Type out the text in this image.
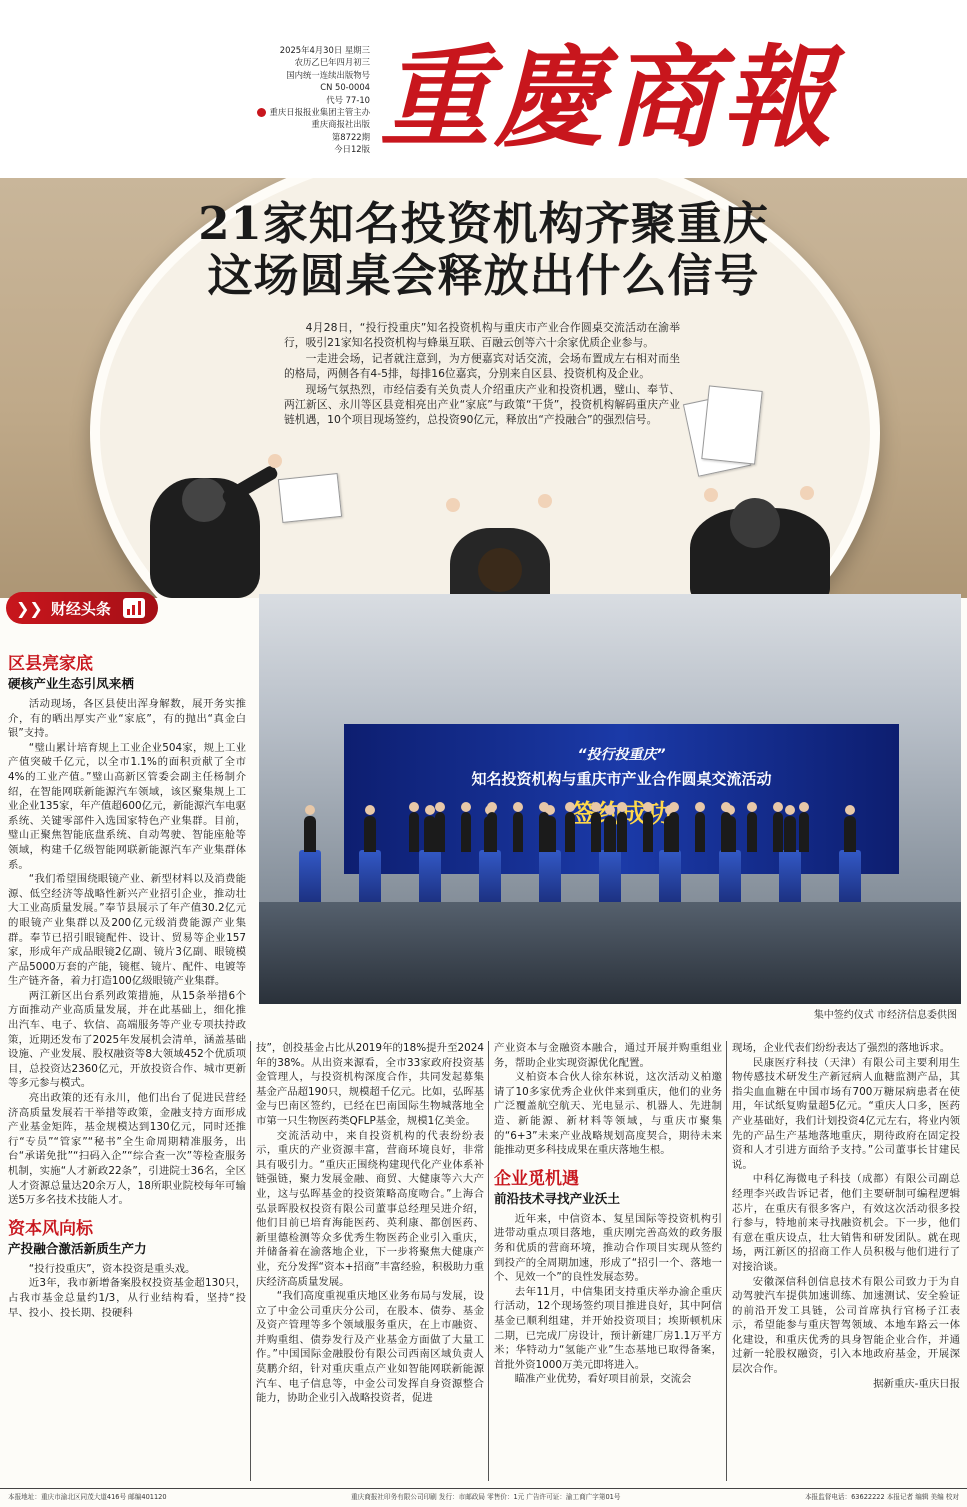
2025年4月30日 星期三
农历乙巳年四月初三
国内统一连续出版物号
CN 50-0004
代号 77-10
重庆日报报业集团主管主办
重庆商报社出版
第8722期
今日12版 重慶商報
21家知名投资机构齐聚重庆
这场圆桌会释放出什么信号

4月28日，“投行投重庆”知名投资机构与重庆市产业合作圆桌交流活动在渝举行，吸引21家知名投资机构与蜂巢互联、百融云创等六十余家优质企业参与。

一走进会场，记者就注意到，为方便嘉宾对话交流，会场布置成左右相对而坐的格局，两侧各有4-5排，每排16位嘉宾，分别来自区县、投资机构及企业。

现场气氛热烈，市经信委有关负责人介绍重庆产业和投资机遇，璧山、奉节、两江新区、永川等区县竞相亮出产业“家底”与政策“干货”，投资机构解码重庆产业链机遇，10个项目现场签约，总投资90亿元，释放出“产投融合”的强烈信号。

❯❯ 财经头条
“投行投重庆”
知名投资机构与重庆市产业合作圆桌交流活动
集中签约仪式 市经济信息委供图
区县亮家底
硬核产业生态引凤来栖

活动现场，各区县使出浑身解数，展开务实推介，有的晒出厚实产业“家底”，有的抛出“真金白银”支持。

“璧山累计培育规上工业企业504家，规上工业产值突破千亿元，以全市1.1%的面积贡献了全市4%的工业产值。”璧山高新区管委会副主任杨制介绍，在智能网联新能源汽车领域，该区聚集规上工业企业135家，年产值超600亿元，新能源汽车电驱系统、关键零部件入选国家特色产业集群。目前，璧山正聚焦智能底盘系统、自动驾驶、智能座舱等领域，构建千亿级智能网联新能源汽车产业集群体系。

“我们希望围绕眼镜产业、新型材料以及消费能源、低空经济等战略性新兴产业招引企业，推动壮大工业高质量发展。”奉节县展示了年产值30.2亿元的眼镜产业集群以及200亿元级消费能源产业集群。奉节已招引眼镜配件、设计、贸易等企业157家，形成年产成品眼镜2亿副、镜片3亿副、眼镜模产品5000万套的产能，镜框、镜片、配件、电镀等生产链齐备，着力打造100亿级眼镜产业集群。

两江新区出台系列政策措施，从15条举措6个方面推动产业高质量发展，并在此基础上，细化推出汽车、电子、软信、高端服务等产业专项扶持政策，近期还发布了2025年发展机会清单，涵盖基础设施、产业发展、股权融资等8大领域452个优质项目，总投资达2360亿元，开放投资合作、城市更新等多元参与模式。

亮出政策的还有永川，他们出台了促进民营经济高质量发展若干举措等政策，金融支持方面形成产业基金矩阵，基金规模达到130亿元，同时还推行“专员”“管家”“秘书”全生命周期精准服务，出台“承诺免批”“扫码入企”“综合查一次”等检查服务机制，实施“人才新政22条”，引进院士36名，全区人才资源总量达20余万人，18所职业院校每年可输送5万多名技术技能人才。

资本风向标
产投融合激活新质生产力

“投行投重庆”，资本投资是重头戏。

近3年，我市新增备案股权投资基金超130只，占我市基金总量约1/3，从行业结构看，坚持“投早、投小、投长期、投硬科

技”，创投基金占比从2019年的18%提升至2024年的38%。从出资来源看，全市33家政府投资基金管理人，与投资机构深度合作，共同发起募集基金产品超190只，规模超千亿元。比如，弘晖基金与巴南区签约，已经在巴南国际生物城落地全市第一只生物医药类QFLP基金，规模1亿美金。

交流活动中，来自投资机构的代表纷纷表示，重庆的产业资源丰富，营商环境良好，非常具有吸引力。“重庆正围绕构建现代化产业体系补链强链，聚力发展金融、商贸、大健康等六大产业，这与弘晖基金的投资策略高度吻合。”上海合弘景晖股权投资有限公司董事总经理吴进介绍，他们目前已培育海能医药、英利康、都创医药、新里德检测等众多优秀生物医药企业引入重庆，并储备着在渝落地企业，下一步将聚焦大健康产业，充分发挥“资本+招商”丰富经验，积极助力重庆经济高质量发展。

“我们高度重视重庆地区业务布局与发展，设立了中金公司重庆分公司，在股本、债券、基金及资产管理等多个领域服务重庆，在上市融资、并购重组、债券发行及产业基金方面做了大量工作。”中国国际金融股份有限公司西南区域负责人莫鹏介绍，针对重庆重点产业如智能网联新能源汽车、电子信息等，中金公司发挥自身资源整合能力，协助企业引入战略投资者，促进

产业资本与金融资本融合，通过开展并购重组业务，帮助企业实现资源优化配置。

义柏资本合伙人徐东林说，这次活动义柏邀请了10多家优秀企业伙伴来到重庆，他们的业务广泛覆盖航空航天、光电显示、机器人、先进制造、新能源、新材料等领域，与重庆市聚集的“6+3”未来产业战略规划高度契合，期待未来能推动更多科技成果在重庆落地生根。

企业觅机遇
前沿技术寻找产业沃土

近年来，中信资本、复星国际等投资机构引进带动重点项目落地，重庆刚完善高效的政务服务和优质的营商环境，推动合作项目实现从签约到投产的全周期加速，形成了“招引一个、落地一个、见效一个”的良性发展态势。

去年11月，中信集团支持重庆举办渝企重庆行活动，12个现场签约项目推进良好，其中阿信基金已顺利组建，并开始投资项目；埃斯顿机床二期，已完成厂房设计，预计新建厂房1.1万平方米；华特动力“氢能产业”生态基地已取得备案，首批外资1000万美元即将进入。

瞄准产业优势，看好项目前景，交流会

现场，企业代表们纷纷表达了强烈的落地诉求。

民康医疗科技（天津）有限公司主要利用生物传感技术研发生产新冠病人血糖监测产品，其指尖血血糖在中国市场有700万糖尿病患者在使用，年试纸复购量超5亿元。“重庆人口多，医药产业基础好，我们计划投资4亿元左右，将业内领先的产品生产基地落地重庆，期待政府在固定投资和人才引进方面给予支持。”公司董事长甘建民说。

中科亿海微电子科技（成都）有限公司副总经理李兴政告诉记者，他们主要研制可编程逻辑芯片，在重庆有很多客户，有效这次活动很多投行参与，特地前来寻找融资机会。下一步，他们有意在重庆设点，壮大销售和研发团队。就在现场，两江新区的招商工作人员积极与他们进行了对接洽谈。

安徽深信科创信息技术有限公司致力于为自动驾驶汽车提供加速训练、加速测试、安全验证的前沿开发工具链，公司首席执行官杨子江表示，希望能参与重庆智驾领域、本地车路云一体化建设，和重庆优秀的具身智能企业合作，并通过新一轮股权融资，引入本地政府基金，开展深层次合作。

据新重庆-重庆日报

本报地址：重庆市渝北区同茂大道416号 邮编401120	重庆商报社印务有限公司印刷 发行：市邮政局 零售价：1元 广告许可证：渝工商广字第01号	本报监督电话：63622222 本报记者 编辑 美编 校对
